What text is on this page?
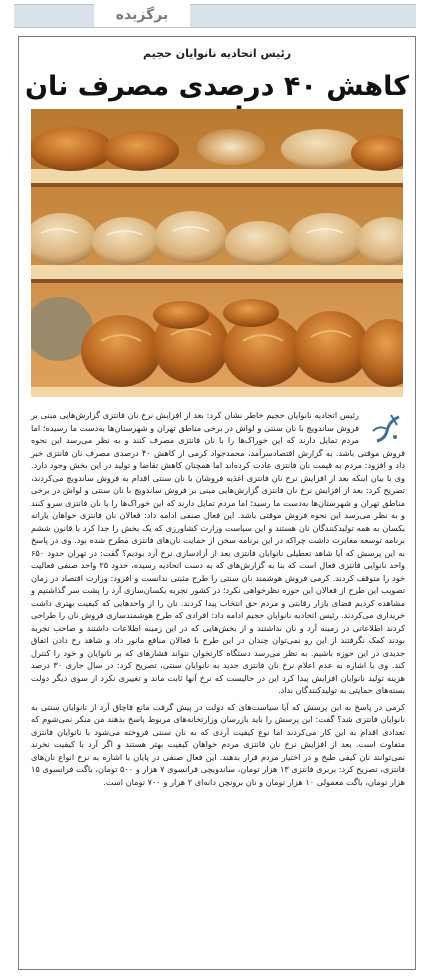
برگزیده
رئیس اتحادیه نانوایان حجیم
کاهش ۴۰ درصدی مصرف نان

رئیس اتحادیه نانوایان حجیم خاطر نشان کرد: بعد از افزایش نرخ نان فانتزی گزارش‌هایی مبنی بر فروش ساندویچ با نان سنتی و لواش در برخی مناطق تهران و شهرستان‌ها به‌دست ما رسیده؛ اما مردم تمایل دارند که این خوراک‌ها را با نان فانتزی مصرف کنند و به نظر می‌رسد این نحوه فروش موقتی باشد. به گزارش اقتصادسرآمد، محمدجواد کرمی از کاهش ۴۰ درصدی مصرف نان فانتزی خبر داد و افزود: مردم به قیمت نان فانتزی عادت کرده‌اند اما همچنان کاهش تقاضا و تولید در این بخش وجود دارد. وی با بیان اینکه بعد از افزایش نرخ نان فانتزی اغذیه فروشان با نان سنتی اقدام به فروش ساندویچ می‌کردند، تصریح کرد: بعد از افزایش نرخ نان فانتزی گزارش‌هایی مبنی بر فروش ساندویچ با نان سنتی و لواش در برخی مناطق تهران و شهرستان‌ها به‌دست ما رسید؛ اما مردم تمایل دارند که این خوراک‌ها را با نان فانتزی سرو کنند و به نظر می‌رسد این نحوه فروش موقتی باشد. این فعال صنفی ادامه داد: فعالان نان فانتزی خواهان یارانه یکسان به همه تولیدکنندگان نان هستند و این سیاست وزارت کشاورزی که یک بخش را جدا کرد با قانون ششم برنامه توسعه مغایرت داشت چراکه در این برنامه سخن از حمایت نان‌های فانتزی مطرح شده بود. وی در پاسخ به این پرسش که آیا شاهد تعطیلی نانوایان فانتزی بعد از آزادسازی نرخ آرد بودیم؟ گفت: در تهران حدود ۶۵۰ واحد نانوایی فانتزی فعال است که بنا به گزارش‌های که به دست اتحادیه رسیده، حدود ۲۵ واحد صنفی فعالیت خود را متوقف کردند. کرمی فروش هوشمند نان سنتی را طرح مثبتی ندانست و افزود: وزارت اقتصاد در زمان تصویب این طرح از فعالان این حوزه نظرخواهی نکرد؛ در کشور تجربه یکسان‌سازی آرد را پشت سر گذاشتیم و مشاهده کردیم فضای بازار رقابتی و مردم حق انتخاب پیدا کردند. نان را از واحدهایی که کیفیت بهتری داشت خریداری می‌کردند. رئیس اتحادیه نانوایان حجیم ادامه داد: افرادی که طرح هوشمندسازی فروش نان را طراحی کردند اطلاعاتی در زمینه آرد و نان نداشتند و از بخش‌هایی که در این زمینه اطلاعات داشتند و صاحب تجربه بودند کمک نگرفتند از این رو نمی‌توان چندان در این طرح با فعالان منافع مانور داد و شاهد رخ دادن اتفاق جدیدی در این حوزه باشیم. به نظر می‌رسد دستگاه کارتخوان نتواند فشارهای که بر نانوایان و خود را کنترل کند. وی با اشاره به عدم اعلام نرخ نان فانتزی جدید به نانوایان سنتی، تصریح کرد: در سال جاری ۳۰ درصد هزینه تولید نانوایان افزایش پیدا کرد این در حالیست که نرخ آنها ثابت ماند و تغییری نکرد از سوی دیگر دولت بسته‌های حمایتی به تولیدکنندگان نداد.

کرمی در پاسخ به این پرسش که آیا سیاست‌های که دولت در پیش گرفت مانع قاچاق آرد از نانوایان سنتی به نانوایان فانتزی شد؟ گفت: این پرسش را باید بازرسان وزارتخانه‌های مربوط پاسخ بدهند من منکر نمی‌شوم که تعدادی اقدام به این کار می‌کردند اما نوع کیفیت آردی که به نان سنتی فروخته می‌شود با نانوایان فانتزی متفاوت است. بعد از افزایش نرخ نان فانتزی مردم خواهان کیفیت بهتر هستند و اگر آرد با کیفیت نخرند نمی‌توانند نان کیفی طبخ و در اختیار مردم قرار بدهند. این فعال صنفی در پایان با اشاره به نرخ انواع نان‌های فانتزی، تصریح کرد: بربری فانتزی ۱۳ هزار تومان، ساندویچی فرانسوی ۷ هزار و ۵۰۰ تومان، باگت فرانسوی ۱۵ هزار تومان، باگت معمولی ۱۰ هزار تومان و نان برونچن دانه‌ای ۲ هزار و ۷۰۰ تومان است.
